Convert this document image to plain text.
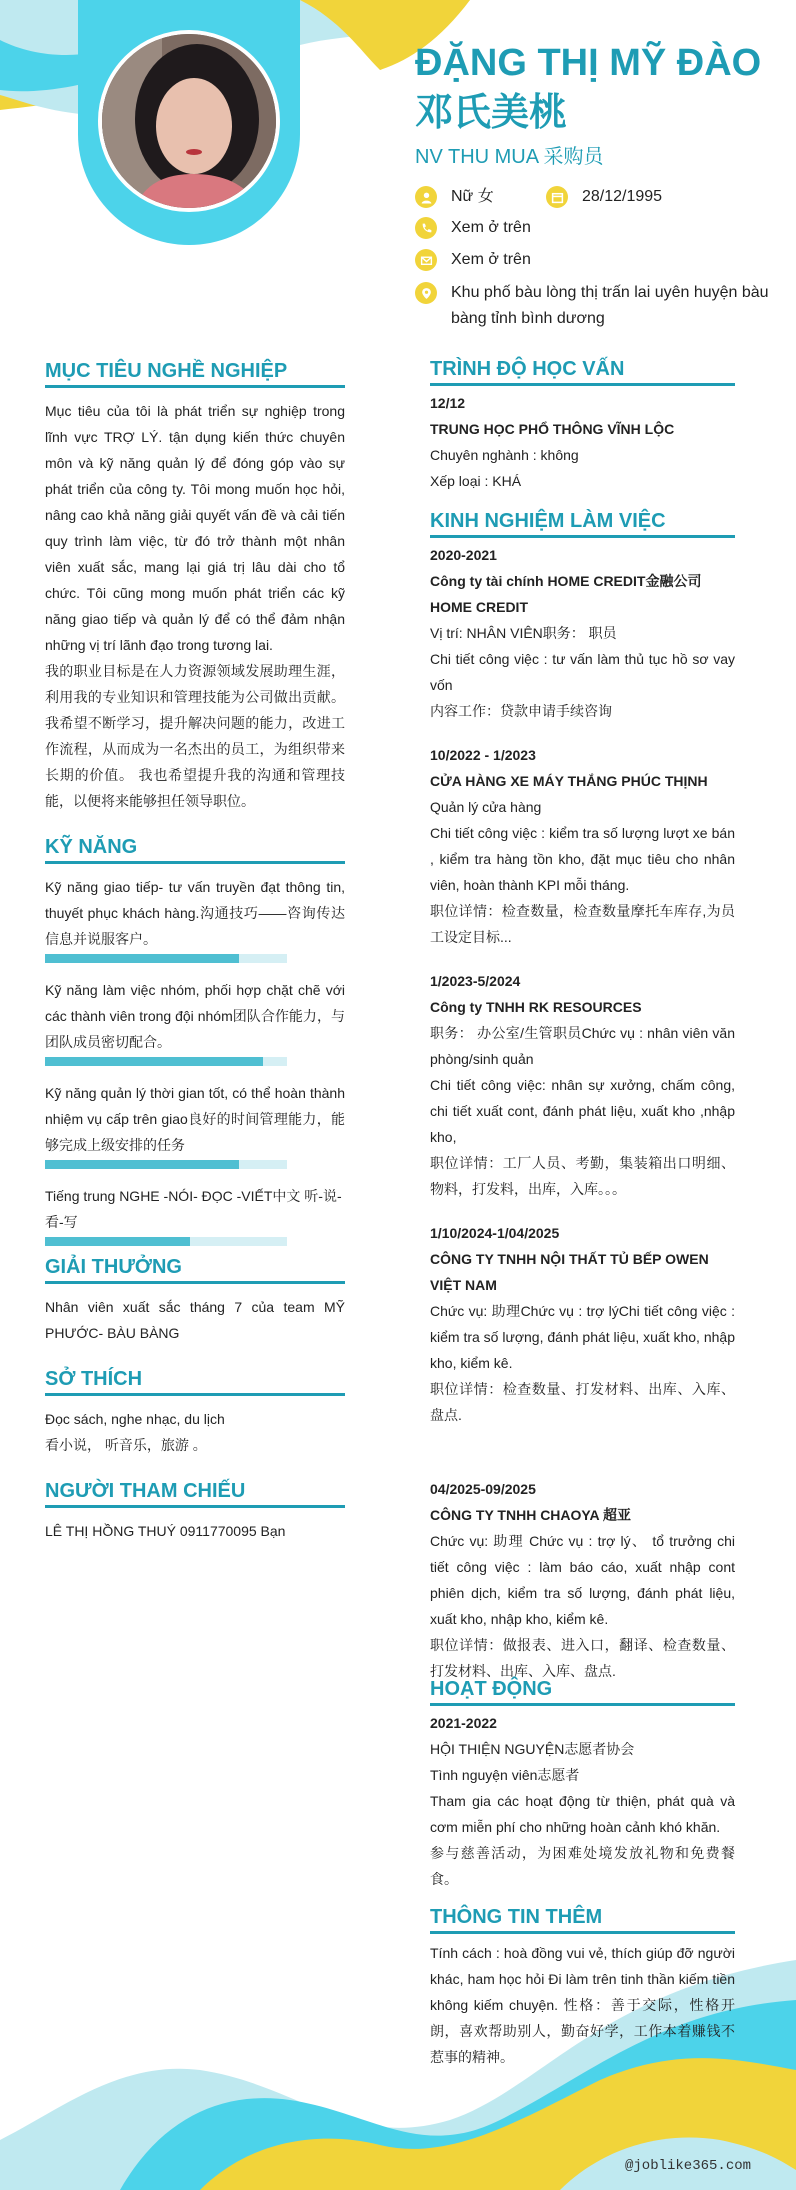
ĐẶNG THỊ MỸ ĐÀO邓氏美桃
NV THU MUA 采购员
Nữ 女	28/12/1995
Xem ở trên
Xem ở trên
Khu phố bàu lòng thị trấn lai uyên huyện bàu bàng tỉnh bình dương
MỤC TIÊU NGHỀ NGHIỆP

Mục tiêu của tôi là phát triển sự nghiệp trong lĩnh vực TRỢ LÝ. tận dụng kiến thức chuyên môn và kỹ năng quản lý để đóng góp vào sự phát triển của công ty. Tôi mong muốn học hỏi, nâng cao khả năng giải quyết vấn đề và cải tiến quy trình làm việc, từ đó trở thành một nhân viên xuất sắc, mang lại giá trị lâu dài cho tổ chức. Tôi cũng mong muốn phát triển các kỹ năng giao tiếp và quản lý để có thể đảm nhận những vị trí lãnh đạo trong tương lai.

我的职业目标是在人力资源领域发展助理生涯，利用我的专业知识和管理技能为公司做出贡献。我希望不断学习，提升解决问题的能力，改进工作流程，从而成为一名杰出的员工，为组织带来长期的价值。 我也希望提升我的沟通和管理技能，以便将来能够担任领导职位。

KỸ NĂNG

Kỹ năng giao tiếp- tư vấn truyền đạt thông tin, thuyết phục khách hàng.沟通技巧——咨询传达信息并说服客户。

Kỹ năng làm việc nhóm, phối hợp chặt chẽ với các thành viên trong đội nhóm团队合作能力，与团队成员密切配合。

Kỹ năng quản lý thời gian tốt, có thể hoàn thành nhiệm vụ cấp trên giao良好的时间管理能力，能够完成上级安排的任务

Tiếng trung NGHE -NÓI- ĐỌC -VIẾT中文 听-说-看-写

GIẢI THƯỞNG
Nhân viên xuất sắc tháng 7 của team MỸ PHƯỚC- BÀU BÀNG
SỞ THÍCH

Đọc sách, nghe nhạc, du lịch

看小说， 听音乐，旅游 。

NGƯỜI THAM CHIẾU
LÊ THỊ HỒNG THUÝ 0911770095 Bạn
TRÌNH ĐỘ HỌC VẤN

12/12

TRUNG HỌC PHỔ THÔNG VĨNH LỘC

Chuyên nghành : không

Xếp loại : KHÁ

KINH NGHIỆM LÀM VIỆC

2020-2021

Công ty tài chính HOME CREDIT金融公司 HOME CREDIT

Vị trí: NHÂN VIÊN职务： 职员

Chi tiết công việc : tư vấn làm thủ tục hồ sơ vay vốn

内容工作：贷款申请手续咨询

10/2022 - 1/2023

CỬA HÀNG XE MÁY THẮNG PHÚC THỊNH

Quản lý cửa hàng

Chi tiết công việc : kiểm tra số lượng lượt xe bán , kiểm tra hàng tồn kho, đặt mục tiêu cho nhân viên, hoàn thành KPI mỗi tháng.

职位详情：检查数量，检查数量摩托车库存,为员工设定目标...

1/2023-5/2024

Công ty TNHH RK RESOURCES

职务： 办公室/生管职员Chức vụ : nhân viên văn phòng/sinh quản

Chi tiết công việc: nhân sự xưởng, chấm công, chi tiết xuất cont, đánh phát liệu, xuất kho ,nhập kho,

职位详情：工厂人员、考勤，集装箱出口明细、物料，打发料，出库，入库。。。

1/10/2024-1/04/2025

CÔNG TY TNHH NỘI THẤT TỦ BẾP OWEN VIỆT NAM

Chức vụ: 助理Chức vụ : trợ lýChi tiết công việc : kiểm tra số lượng, đánh phát liệu, xuất kho, nhập kho, kiểm kê.

职位详情：检查数量、打发材料、出库、入库、盘点.

04/2025-09/2025

CÔNG TY TNHH CHAOYA 超亚

Chức vụ: 助理 Chức vụ : trợ lý、 tổ trưởng chi tiết công việc : làm báo cáo, xuất nhập cont phiên dịch, kiểm tra số lượng, đánh phát liệu, xuất kho, nhập kho, kiểm kê.

职位详情：做报表、进入口，翻译、检查数量、打发材料、出库、入库、盘点.

HOẠT ĐỘNG

2021-2022

HỘI THIỆN NGUYỆN志愿者协会

Tình nguyện viên志愿者

Tham gia các hoạt động từ thiện, phát quà và cơm miễn phí cho những hoàn cảnh khó khăn.

参与慈善活动，为困难处境发放礼物和免费餐食。

THÔNG TIN THÊM
Tính cách : hoà đồng vui vẻ, thích giúp đỡ người khác, ham học hỏi Đi làm trên tinh thần kiếm tiền không kiếm chuyện. 性格：善于交际，性格开朗，喜欢帮助别人，勤奋好学，工作本着赚钱不惹事的精神。
@joblike365.com
